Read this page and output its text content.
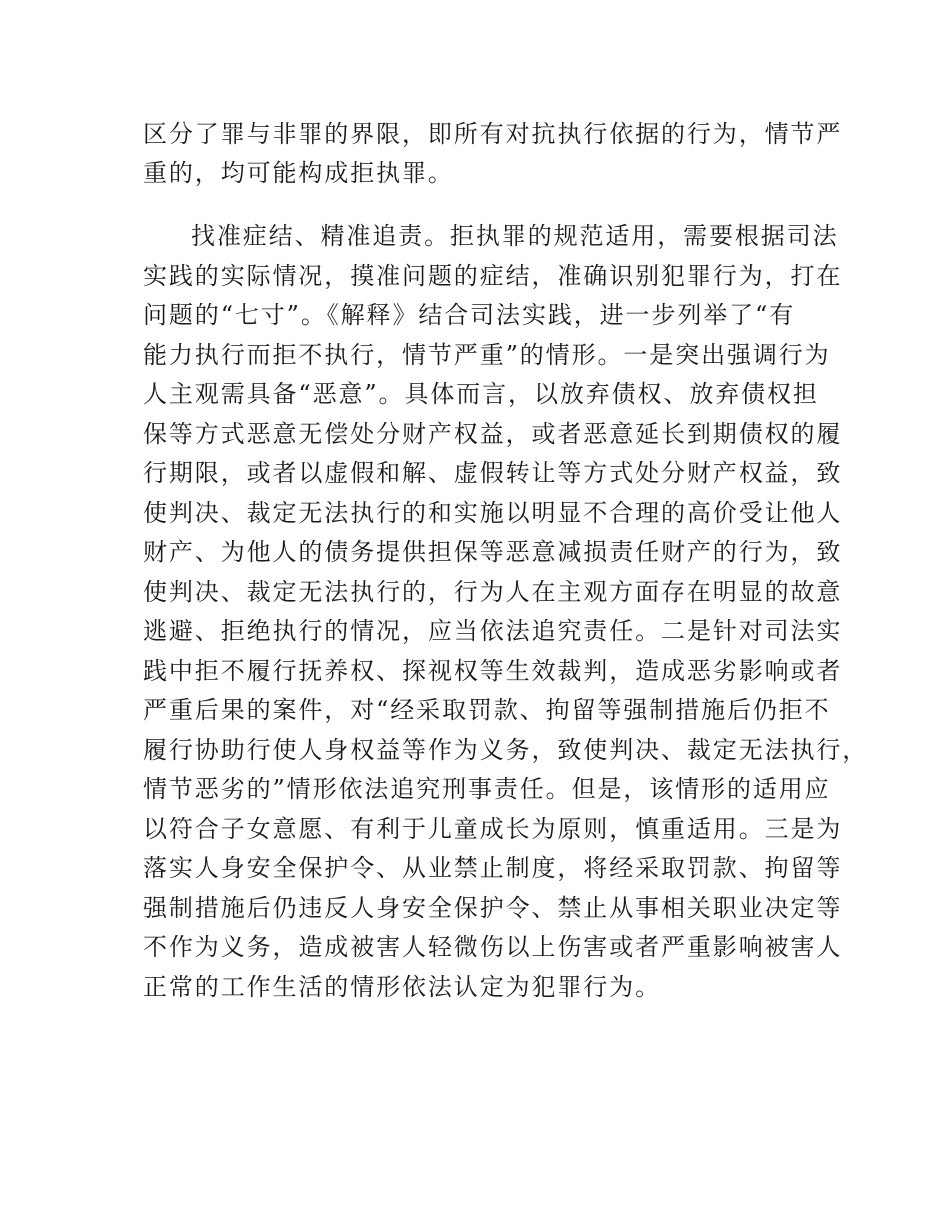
区分了罪与非罪的界限，即所有对抗执行依据的行为，情节严
重的，均可能构成拒执罪。
找准症结、精准追责。拒执罪的规范适用，需要根据司法
实践的实际情况，摸准问题的症结，准确识别犯罪行为，打在
问题的“七寸”。《解释》结合司法实践，进一步列举了“有
能力执行而拒不执行，情节严重”的情形。一是突出强调行为
人主观需具备“恶意”。具体而言，以放弃债权、放弃债权担
保等方式恶意无偿处分财产权益，或者恶意延长到期债权的履
行期限，或者以虚假和解、虚假转让等方式处分财产权益，致
使判决、裁定无法执行的和实施以明显不合理的高价受让他人
财产、为他人的债务提供担保等恶意减损责任财产的行为，致
使判决、裁定无法执行的，行为人在主观方面存在明显的故意
逃避、拒绝执行的情况，应当依法追究责任。二是针对司法实
践中拒不履行抚养权、探视权等生效裁判，造成恶劣影响或者
严重后果的案件，对“经采取罚款、拘留等强制措施后仍拒不
履行协助行使人身权益等作为义务，致使判决、裁定无法执行，
情节恶劣的”情形依法追究刑事责任。但是，该情形的适用应
以符合子女意愿、有利于儿童成长为原则，慎重适用。三是为
落实人身安全保护令、从业禁止制度，将经采取罚款、拘留等
强制措施后仍违反人身安全保护令、禁止从事相关职业决定等
不作为义务，造成被害人轻微伤以上伤害或者严重影响被害人
正常的工作生活的情形依法认定为犯罪行为。
